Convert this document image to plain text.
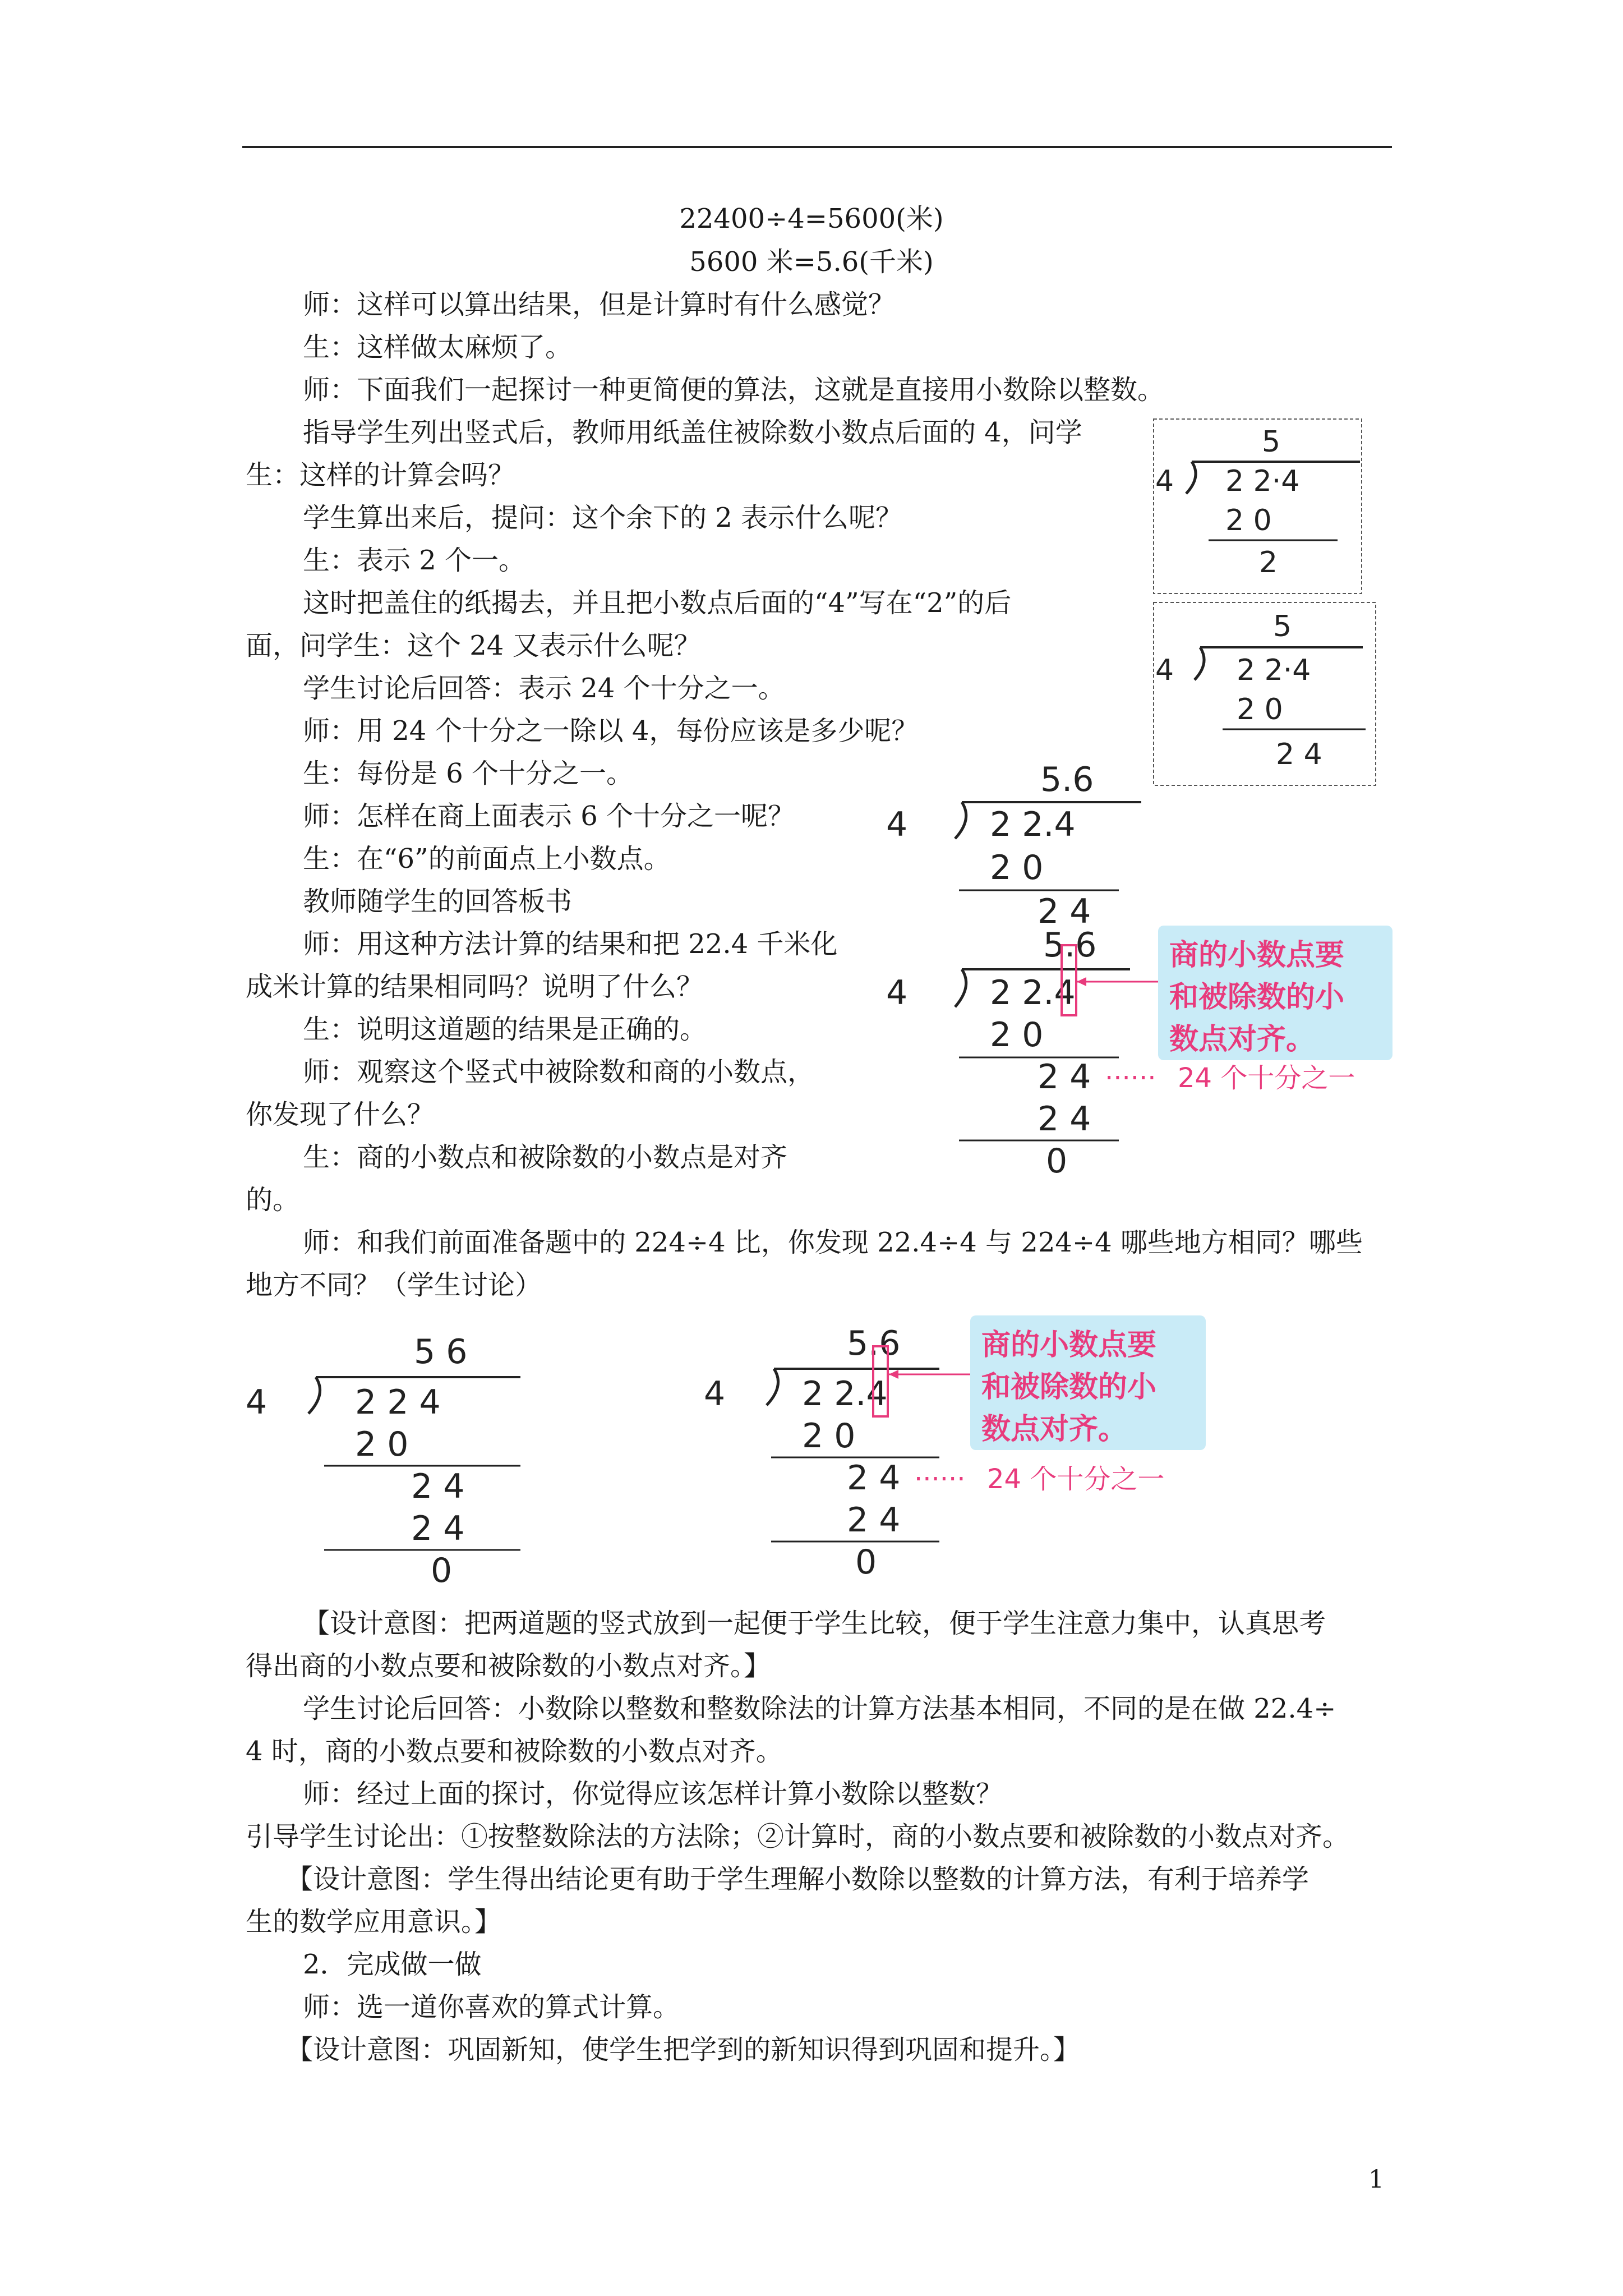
22400÷4=5600(米)
5600 米=5.6(千米)
师：这样可以算出结果，但是计算时有什么感觉？
生：这样做太麻烦了。
师：下面我们一起探讨一种更简便的算法，这就是直接用小数除以整数。
指导学生列出竖式后，教师用纸盖住被除数小数点后面的 4，问学
生：这样的计算会吗？
学生算出来后，提问：这个余下的 2 表示什么呢？
生：表示 2 个一。
这时把盖住的纸揭去，并且把小数点后面的“4”写在“2”的后
面，问学生：这个 24 又表示什么呢？
学生讨论后回答：表示 24 个十分之一。
师：用 24 个十分之一除以 4，每份应该是多少呢？
生：每份是 6 个十分之一。
师：怎样在商上面表示 6 个十分之一呢？
生：在“6”的前面点上小数点。
教师随学生的回答板书
师：用这种方法计算的结果和把 22.4 千米化
成米计算的结果相同吗？说明了什么？
生：说明这道题的结果是正确的。
师：观察这个竖式中被除数和商的小数点，
你发现了什么？
生：商的小数点和被除数的小数点是对齐
的。
师：和我们前面准备题中的 224÷4 比，你发现 22.4÷4 与 224÷4 哪些地方相同？哪些
地方不同？（学生讨论）
【设计意图：把两道题的竖式放到一起便于学生比较，便于学生注意力集中，认真思考
得出商的小数点要和被除数的小数点对齐。】
学生讨论后回答：小数除以整数和整数除法的计算方法基本相同，不同的是在做 22.4÷
4 时，商的小数点要和被除数的小数点对齐。
师：经过上面的探讨，你觉得应该怎样计算小数除以整数？
引导学生讨论出：①按整数除法的方法除；②计算时，商的小数点要和被除数的小数点对齐。
【设计意图：学生得出结论更有助于学生理解小数除以整数的计算方法，有利于培养学
生的数学应用意识。】
2．完成做一做
师：选一道你喜欢的算式计算。
【设计意图：巩固新知，使学生把学到的新知识得到巩固和提升。】
5
4 2 2·4
2 0
2
5
4 2 2·4
2 0
2 4
5.6
4 2 2.4
2 0
2 4
5.6
4 2 2.4
2 0
2 4 ······ 24 个十分之一
2 4
0
商的小数点要
和被除数的小
数点对齐。
5 6
4	2 2 4
2 0
2 4
2 4
0
5.6
4 2 2.4
2 0
2 4 ······ 24 个十分之一
2 4
0
商的小数点要
和被除数的小
数点对齐。
1
